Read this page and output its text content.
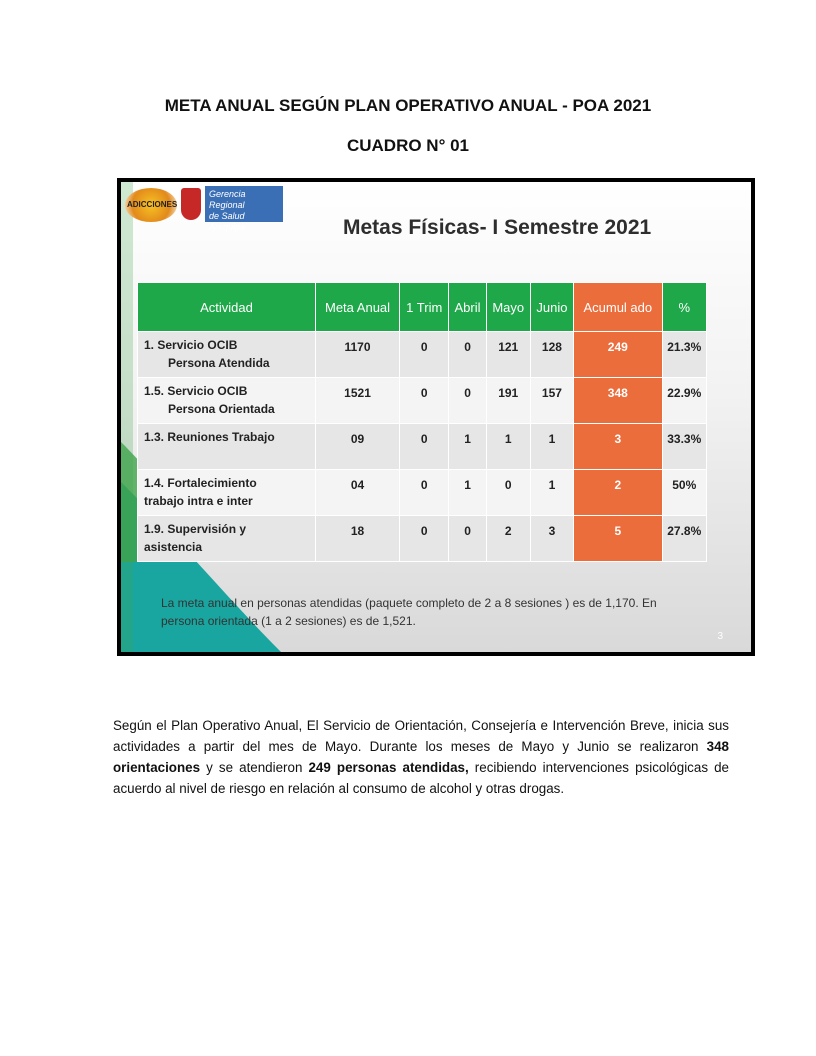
META ANUAL SEGÚN PLAN OPERATIVO ANUAL - POA 2021
CUADRO N° 01
ADICCIONES
Gerencia Regional
de Salud Arequipa	Metas Físicas- I Semestre 2021
Actividad	Meta Anual	1 Trim	Abril	Mayo	Junio	Acumul ado	%

1. Servicio OCIB
Persona Atendida	1170	0	0	121	128	249	21.3%

1.5. Servicio OCIB
Persona Orientada	1521	0	0	191	157	348	22.9%

1.3. Reuniones Trabajo	09	0	1	1	1	3	33.3%

1.4. Fortalecimiento
trabajo intra e inter	04	0	1	0	1	2	50%

1.9. Supervisión y
asistencia	18	0	0	2	3	5	27.8%
La meta anual en personas atendidas (paquete completo de 2 a 8 sesiones ) es de 1,170. En persona orientada (1 a 2 sesiones) es de 1,521.
3

Según el Plan Operativo Anual, El Servicio de Orientación, Consejería e Intervención Breve, inicia sus actividades a partir del mes de Mayo. Durante los meses de Mayo y Junio se realizaron 348 orientaciones y se atendieron 249 personas atendidas, recibiendo intervenciones psicológicas de acuerdo al nivel de riesgo en relación al consumo de alcohol y otras drogas.
